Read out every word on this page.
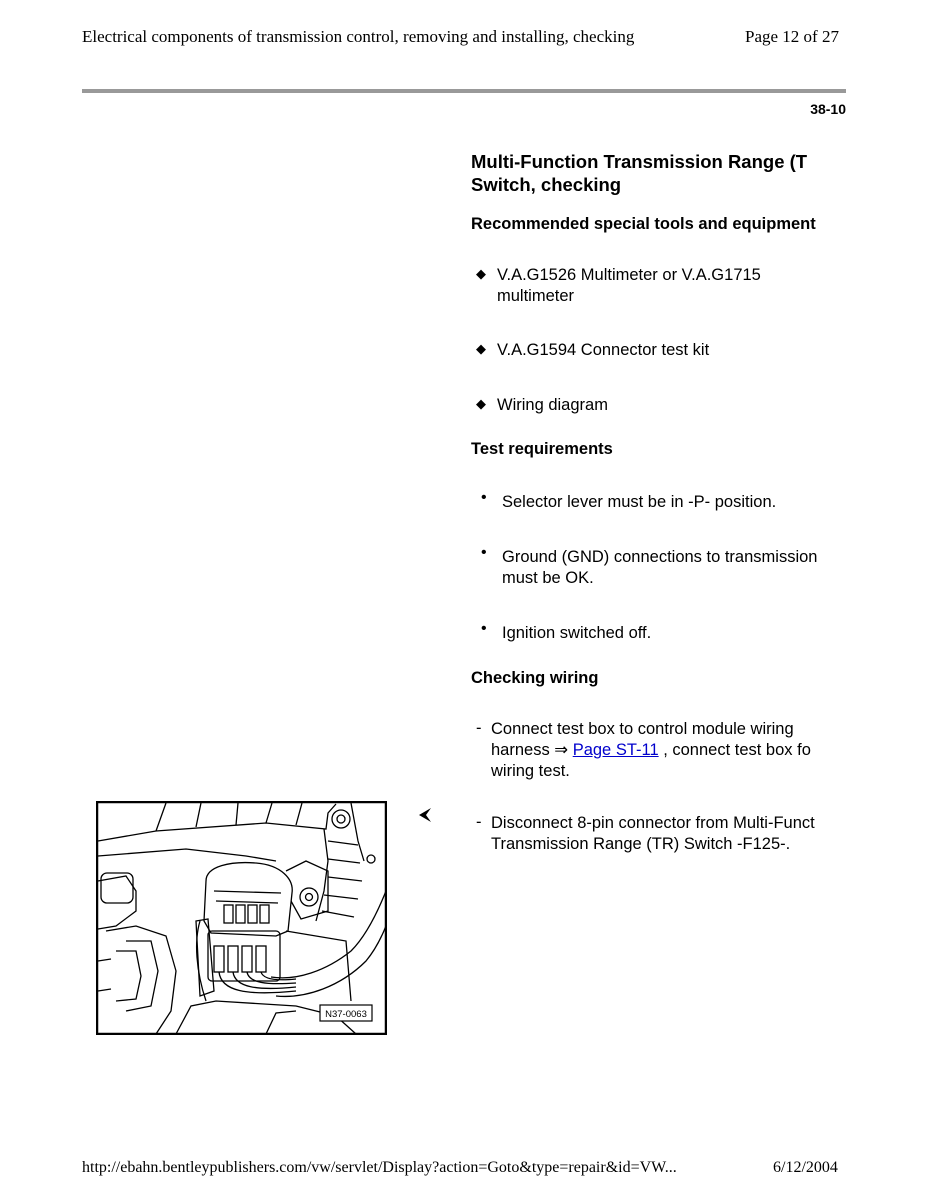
Electrical components of transmission control, removing and installing, checking	Page 12 of 27
38-10
Multi-Function Transmission Range (T
Switch, checking
Recommended special tools and equipment
◆ V.A.G1526 Multimeter or V.A.G1715
multimeter
◆ V.A.G1594 Connector test kit
◆ Wiring diagram
Test requirements
• Selector lever must be in -P- position.
• Ground (GND) connections to transmission
must be OK.
• Ignition switched off.
Checking wiring
- Connect test box to control module wiring
harness ⇒ Page ST-11 , connect test box fo
wiring test.
- Disconnect 8-pin connector from Multi-Funct
Transmission Range (TR) Switch -F125-.
N37-0063
http://ebahn.bentleypublishers.com/vw/servlet/Display?action=Goto&type=repair&id=VW...	6/12/2004
